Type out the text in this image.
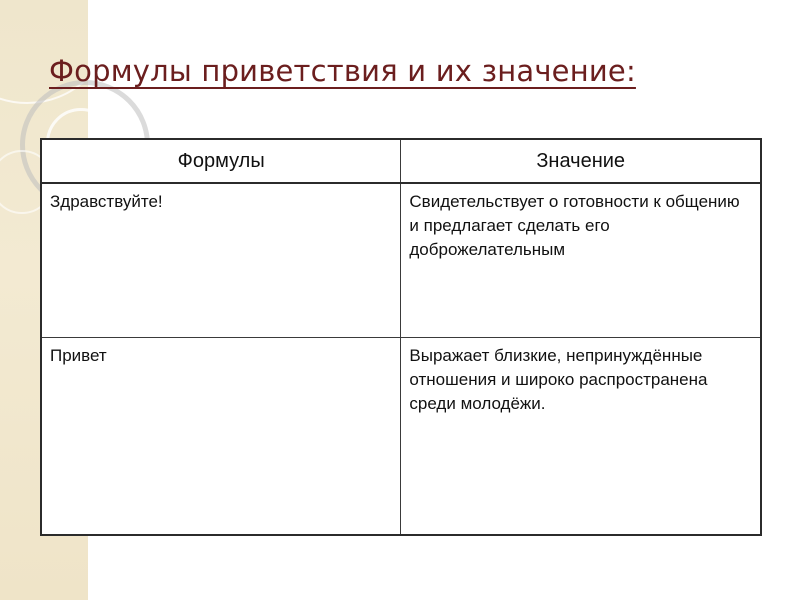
Формулы приветствия и их значение:
Формулы	Значение
Здравствуйте!	Свидетельствует о готовности к общению и предлагает сделать его доброжелательным
Привет	Выражает близкие, непринуждённые отношения и широко распространена среди молодёжи.
